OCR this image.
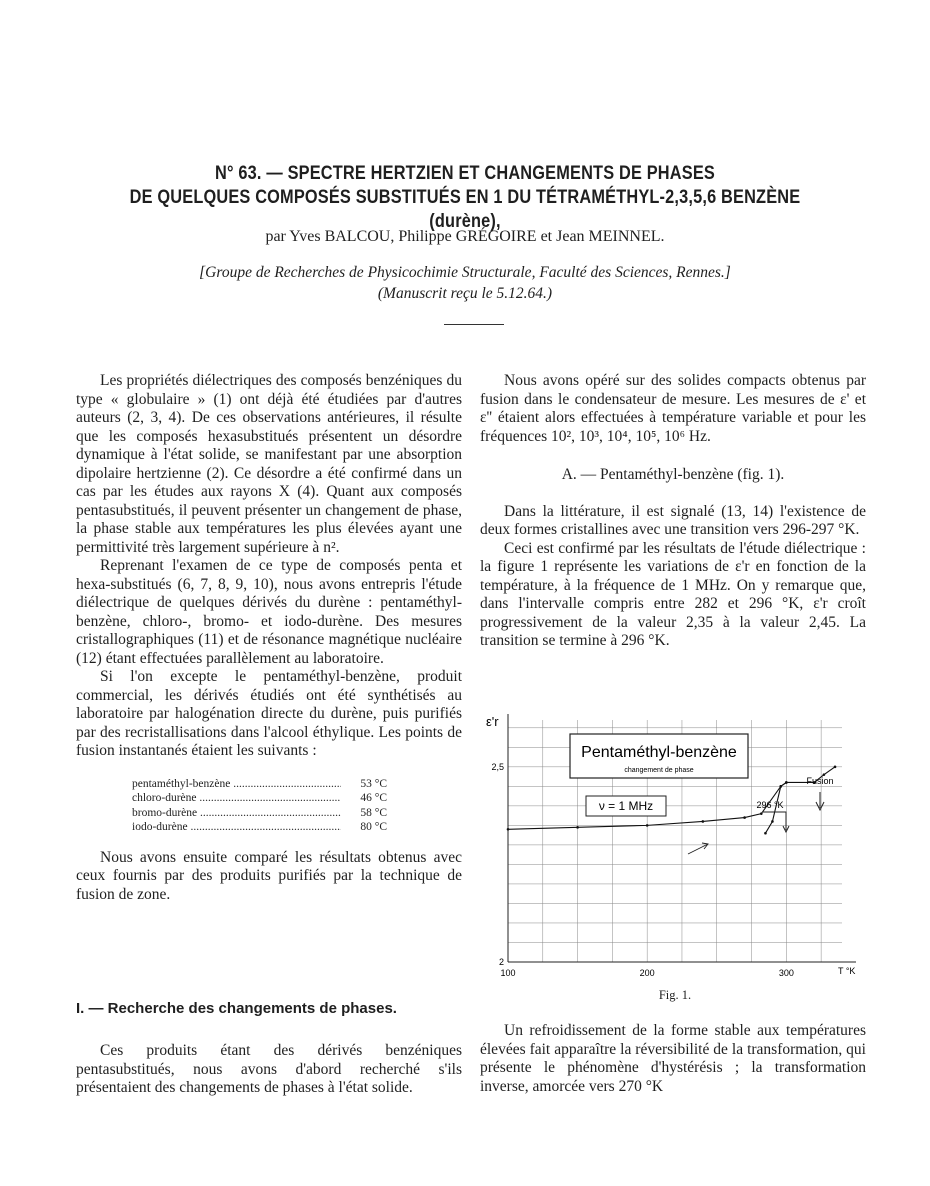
N° 63. — SPECTRE HERTZIEN ET CHANGEMENTS DE PHASES
DE QUELQUES COMPOSÉS SUBSTITUÉS EN 1 DU TÉTRAMÉTHYL-2,3,5,6 BENZÈNE (durène),
par Yves BALCOU, Philippe GRÉGOIRE et Jean MEINNEL.
[Groupe de Recherches de Physicochimie Structurale, Faculté des Sciences, Rennes.]
(Manuscrit reçu le 5.12.64.)

Les propriétés diélectriques des composés benzéniques du type « globulaire » (1) ont déjà été étudiées par d'autres auteurs (2, 3, 4). De ces observations antérieures, il résulte que les composés hexasubstitués présentent un désordre dynamique à l'état solide, se manifestant par une absorption dipolaire hertzienne (2). Ce désordre a été confirmé dans un cas par les études aux rayons X (4). Quant aux composés pentasubstitués, il peuvent présenter un changement de phase, la phase stable aux températures les plus élevées ayant une permittivité très largement supérieure à n².

Reprenant l'examen de ce type de composés penta et hexa-substitués (6, 7, 8, 9, 10), nous avons entrepris l'étude diélectrique de quelques dérivés du durène : pentaméthyl-benzène, chloro-, bromo- et iodo-durène. Des mesures cristallographiques (11) et de résonance magnétique nucléaire (12) étant effectuées parallèlement au laboratoire.

Si l'on excepte le pentaméthyl-benzène, produit commercial, les dérivés étudiés ont été synthétisés au laboratoire par halogénation directe du durène, puis purifiés par des recristallisations dans l'alcool éthylique. Les points de fusion instantanés étaient les suivants :

pentaméthyl-benzène .....	53 °C
chloro-durène .....	46 °C
bromo-durène .....	58 °C
iodo-durène .....	80 °C

Nous avons ensuite comparé les résultats obtenus avec ceux fournis par des produits purifiés par la technique de fusion de zone.

I. — Recherche des changements de phases.

Ces produits étant des dérivés benzéniques pentasubstitués, nous avons d'abord recherché s'ils présentaient des changements de phases à l'état solide.

Nous avons opéré sur des solides compacts obtenus par fusion dans le condensateur de mesure. Les mesures de ε' et ε'' étaient alors effectuées à température variable et pour les fréquences 10², 10³, 10⁴, 10⁵, 10⁶ Hz.

A. — Pentaméthyl-benzène (fig. 1).

Dans la littérature, il est signalé (13, 14) l'existence de deux formes cristallines avec une transition vers 296-297 °K.

Ceci est confirmé par les résultats de l'étude diélectrique : la figure 1 représente les variations de ε'r en fonction de la température, à la fréquence de 1 MHz. On y remarque que, dans l'intervalle compris entre 282 et 296 °K, ε'r croît progressivement de la valeur 2,35 à la valeur 2,45. La transition se termine à 296 °K.

100	200	300
2
2,5
ε'r
T °K
Pentaméthyl-benzène
changement de phase
ν = 1 MHz	296 °K
Fusion
Fig. 1.

Un refroidissement de la forme stable aux températures élevées fait apparaître la réversibilité de la transformation, qui présente le phénomène d'hystérésis ; la transformation inverse, amorcée vers 270 °K
